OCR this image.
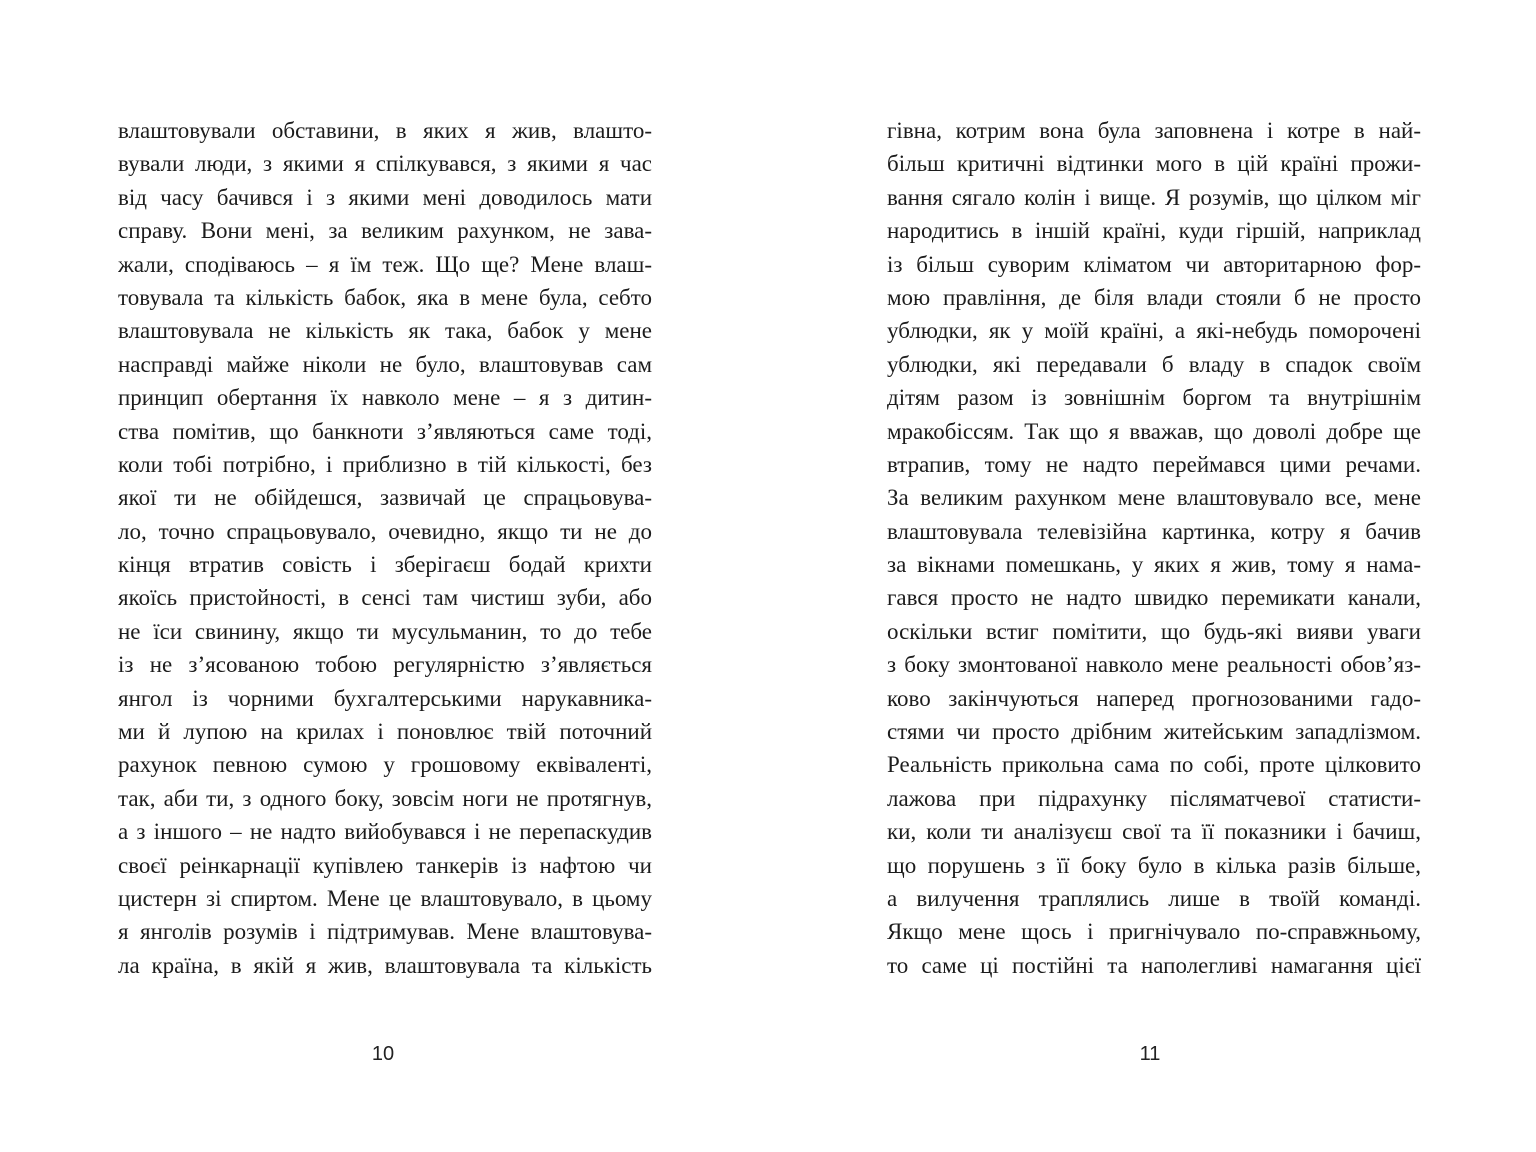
влаштовували обставини, в яких я жив, влашто-
вували люди, з якими я спілкувався, з якими я час
від часу бачився і з якими мені доводилось мати
справу. Вони мені, за великим рахунком, не зава-
жали, сподіваюсь – я їм теж. Що ще? Мене влаш-
товувала та кількість бабок, яка в мене була, себто
влаштовувала не кількість як така, бабок у мене
насправді майже ніколи не було, влаштовував сам
принцип обертання їх навколо мене – я з дитин-
ства помітив, що банкноти з’являються саме тоді,
коли тобі потрібно, і приблизно в тій кількості, без
якої ти не обійдешся, зазвичай це спрацьовува-
ло, точно спрацьовувало, очевидно, якщо ти не до
кінця втратив совість і зберігаєш бодай крихти
якоїсь пристойності, в сенсі там чистиш зуби, або
не їси свинину, якщо ти мусульманин, то до тебе
із не з’ясованою тобою регулярністю з’являється
янгол із чорними бухгалтерськими нарукавника-
ми й лупою на крилах і поновлює твій поточний
рахунок певною сумою у грошовому еквіваленті,
так, аби ти, з одного боку, зовсім ноги не протягнув,
а з іншого – не надто вийобувався і не перепаскудив
своєї реінкарнації купівлею танкерів із нафтою чи
цистерн зі спиртом. Мене це влаштовувало, в цьому
я янголів розумів і підтримував. Мене влаштовува-
ла країна, в якій я жив, влаштовувала та кількість
10
гівна, котрим вона була заповнена і котре в най-
більш критичні відтинки мого в цій країні прожи-
вання сягало колін і вище. Я розумів, що цілком міг
народитись в іншій країні, куди гіршій, наприклад
із більш суворим кліматом чи авторитарною фор-
мою правління, де біля влади стояли б не просто
ублюдки, як у моїй країні, а які-небудь поморочені
ублюдки, які передавали б владу в спадок своїм
дітям разом із зовнішнім боргом та внутрішнім
мракобіссям. Так що я вважав, що доволі добре ще
втрапив, тому не надто переймався цими речами.
За великим рахунком мене влаштовувало все, мене
влаштовувала телевізійна картинка, котру я бачив
за вікнами помешкань, у яких я жив, тому я нама-
гався просто не надто швидко перемикати канали,
оскільки встиг помітити, що будь-які вияви уваги
з боку змонтованої навколо мене реальності обов’яз-
ково закінчуються наперед прогнозованими гадо-
стями чи просто дрібним житейським западлізмом.
Реальність прикольна сама по собі, проте цілковито
лажова при підрахунку післяматчевої статисти-
ки, коли ти аналізуєш свої та її показники і бачиш,
що порушень з її боку було в кілька разів більше,
а вилучення траплялись лише в твоїй команді.
Якщо мене щось і пригнічувало по-справжньому,
то саме ці постійні та наполегливі намагання цієї
11
